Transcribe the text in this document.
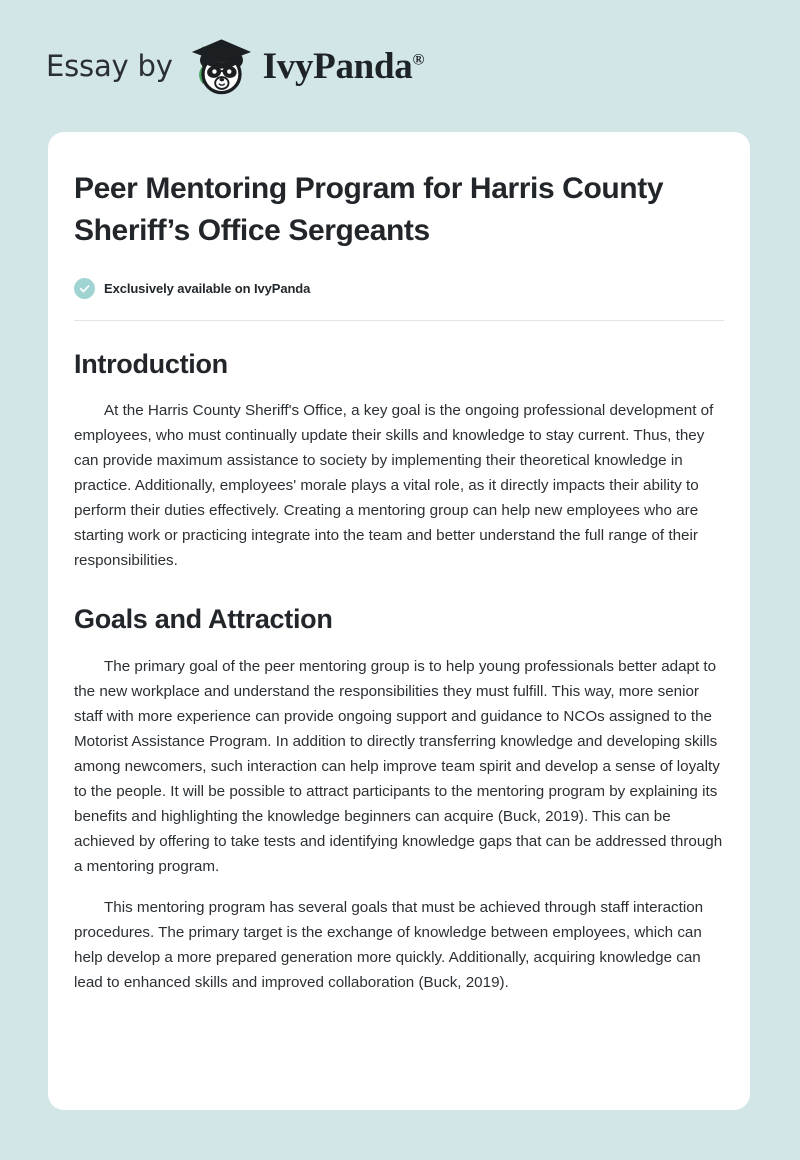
Essay by IvyPanda®
Peer Mentoring Program for Harris County Sheriff’s Office Sergeants
Exclusively available on IvyPanda
Introduction

At the Harris County Sheriff's Office, a key goal is the ongoing professional development of employees, who must continually update their skills and knowledge to stay current. Thus, they can provide maximum assistance to society by implementing their theoretical knowledge in practice. Additionally, employees' morale plays a vital role, as it directly impacts their ability to perform their duties effectively. Creating a mentoring group can help new employees who are starting work or practicing integrate into the team and better understand the full range of their responsibilities.

Goals and Attraction

The primary goal of the peer mentoring group is to help young professionals better adapt to the new workplace and understand the responsibilities they must fulfill. This way, more senior staff with more experience can provide ongoing support and guidance to NCOs assigned to the Motorist Assistance Program. In addition to directly transferring knowledge and developing skills among newcomers, such interaction can help improve team spirit and develop a sense of loyalty to the people. It will be possible to attract participants to the mentoring program by explaining its benefits and highlighting the knowledge beginners can acquire (Buck, 2019). This can be achieved by offering to take tests and identifying knowledge gaps that can be addressed through a mentoring program.

This mentoring program has several goals that must be achieved through staff interaction procedures. The primary target is the exchange of knowledge between employees, which can help develop a more prepared generation more quickly. Additionally, acquiring knowledge can lead to enhanced skills and improved collaboration (Buck, 2019).
